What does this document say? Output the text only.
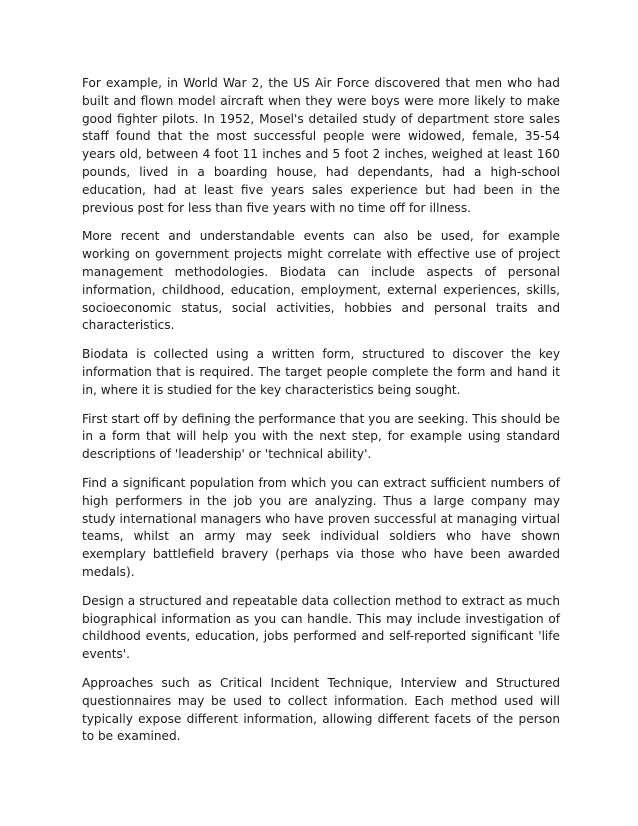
For example, in World War 2, the US Air Force discovered that men who had built and flown model aircraft when they were boys were more likely to make good fighter pilots. In 1952, Mosel's detailed study of department store sales staff found that the most successful people were widowed, female, 35-54 years old, between 4 foot 11 inches and 5 foot 2 inches, weighed at least 160 pounds, lived in a boarding house, had dependants, had a high-school education, had at least five years sales experience but had been in the previous post for less than five years with no time off for illness.

More recent and understandable events can also be used, for example working on government projects might correlate with effective use of project management methodologies. Biodata can include aspects of personal information, childhood, education, employment, external experiences, skills, socioeconomic status, social activities, hobbies and personal traits and characteristics.

Biodata is collected using a written form, structured to discover the key information that is required. The target people complete the form and hand it in, where it is studied for the key characteristics being sought.

First start off by defining the performance that you are seeking. This should be in a form that will help you with the next step, for example using standard descriptions of 'leadership' or 'technical ability'.

Find a significant population from which you can extract sufficient numbers of high performers in the job you are analyzing. Thus a large company may study international managers who have proven successful at managing virtual teams, whilst an army may seek individual soldiers who have shown exemplary battlefield bravery (perhaps via those who have been awarded medals).

Design a structured and repeatable data collection method to extract as much biographical information as you can handle. This may include investigation of childhood events, education, jobs performed and self-reported significant 'life events'.

Approaches such as Critical Incident Technique, Interview and Structured questionnaires may be used to collect information. Each method used will typically expose different information, allowing different facets of the person to be examined.
